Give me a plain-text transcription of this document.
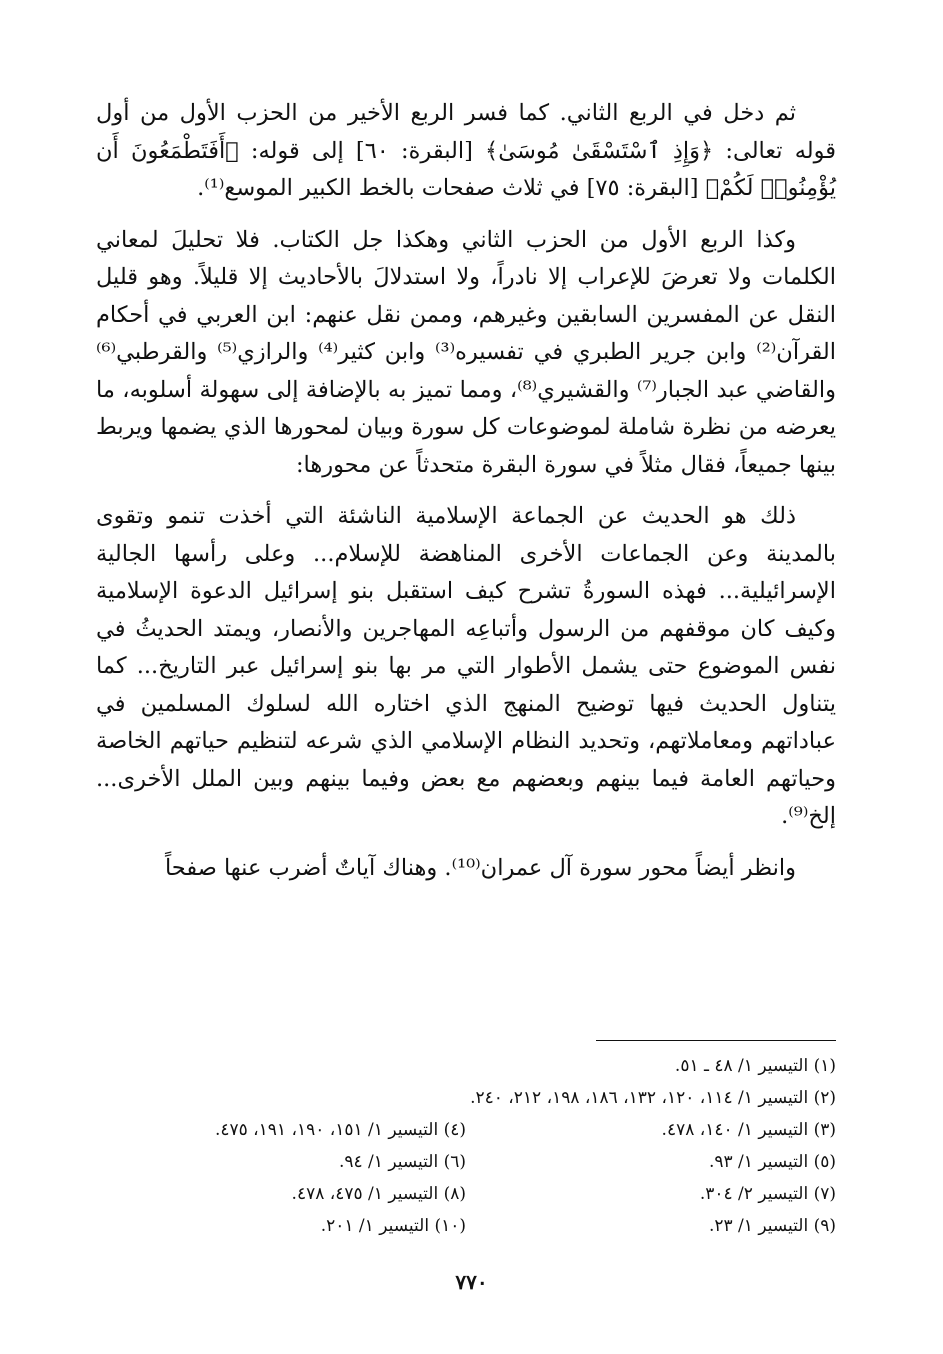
ثم دخل في الربع الثاني. كما فسر الربع الأخير من الحزب الأول من أول قوله تعالى: ﴿وَإِذِ ٱسْتَسْقَىٰ مُوسَىٰ﴾ [البقرة: ٦٠] إلى قوله: ﴿أَفَتَطْمَعُونَ أَن يُؤْمِنُوا۟ لَكُمْ﴾ [البقرة: ٧٥] في ثلاث صفحات بالخط الكبير الموسع⁽¹⁾.

وكذا الربع الأول من الحزب الثاني وهكذا جل الكتاب. فلا تحليلَ لمعاني الكلمات ولا تعرضَ للإعراب إلا نادراً، ولا استدلالَ بالأحاديث إلا قليلاً. وهو قليل النقل عن المفسرين السابقين وغيرهم، وممن نقل عنهم: ابن العربي في أحكام القرآن⁽²⁾ وابن جرير الطبري في تفسيره⁽³⁾ وابن كثير⁽⁴⁾ والرازي⁽⁵⁾ والقرطبي⁽⁶⁾ والقاضي عبد الجبار⁽⁷⁾ والقشيري⁽⁸⁾، ومما تميز به بالإضافة إلى سهولة أسلوبه، ما يعرضه من نظرة شاملة لموضوعات كل سورة وبيان لمحورها الذي يضمها ويربط بينها جميعاً، فقال مثلاً في سورة البقرة متحدثاً عن محورها:

ذلك هو الحديث عن الجماعة الإسلامية الناشئة التي أخذت تنمو وتقوى بالمدينة وعن الجماعات الأخرى المناهضة للإسلام... وعلى رأسها الجالية الإسرائيلية... فهذه السورةُ تشرح كيف استقبل بنو إسرائيل الدعوة الإسلامية وكيف كان موقفهم من الرسول وأتباعِه المهاجرين والأنصار، ويمتد الحديثُ في نفس الموضوع حتى يشمل الأطوار التي مر بها بنو إسرائيل عبر التاريخ... كما يتناول الحديث فيها توضيح المنهج الذي اختاره الله لسلوك المسلمين في عباداتهم ومعاملاتهم، وتحديد النظام الإسلامي الذي شرعه لتنظيم حياتهم الخاصة وحياتهم العامة فيما بينهم وبعضهم مع بعض وفيما بينهم وبين الملل الأخرى... إلخ⁽⁹⁾.

وانظر أيضاً محور سورة آل عمران⁽¹⁰⁾. وهناك آياتٌ أضرب عنها صفحاً

(١) التيسير ١/ ٤٨ ـ ٥١.
(٢) التيسير ١/ ١١٤، ١٢٠، ١٣٢، ١٨٦، ١٩٨، ٢١٢، ٢٤٠.
(٣) التيسير ١/ ١٤٠، ٤٧٨.
(٤) التيسير ١/ ١٥١، ١٩٠، ١٩١، ٤٧٥.
(٥) التيسير ١/ ٩٣.
(٦) التيسير ١/ ٩٤.
(٧) التيسير ٢/ ٣٠٤.
(٨) التيسير ١/ ٤٧٥، ٤٧٨.
(٩) التيسير ١/ ٢٣.
(١٠) التيسير ١/ ٢٠١.
٧٧٠
